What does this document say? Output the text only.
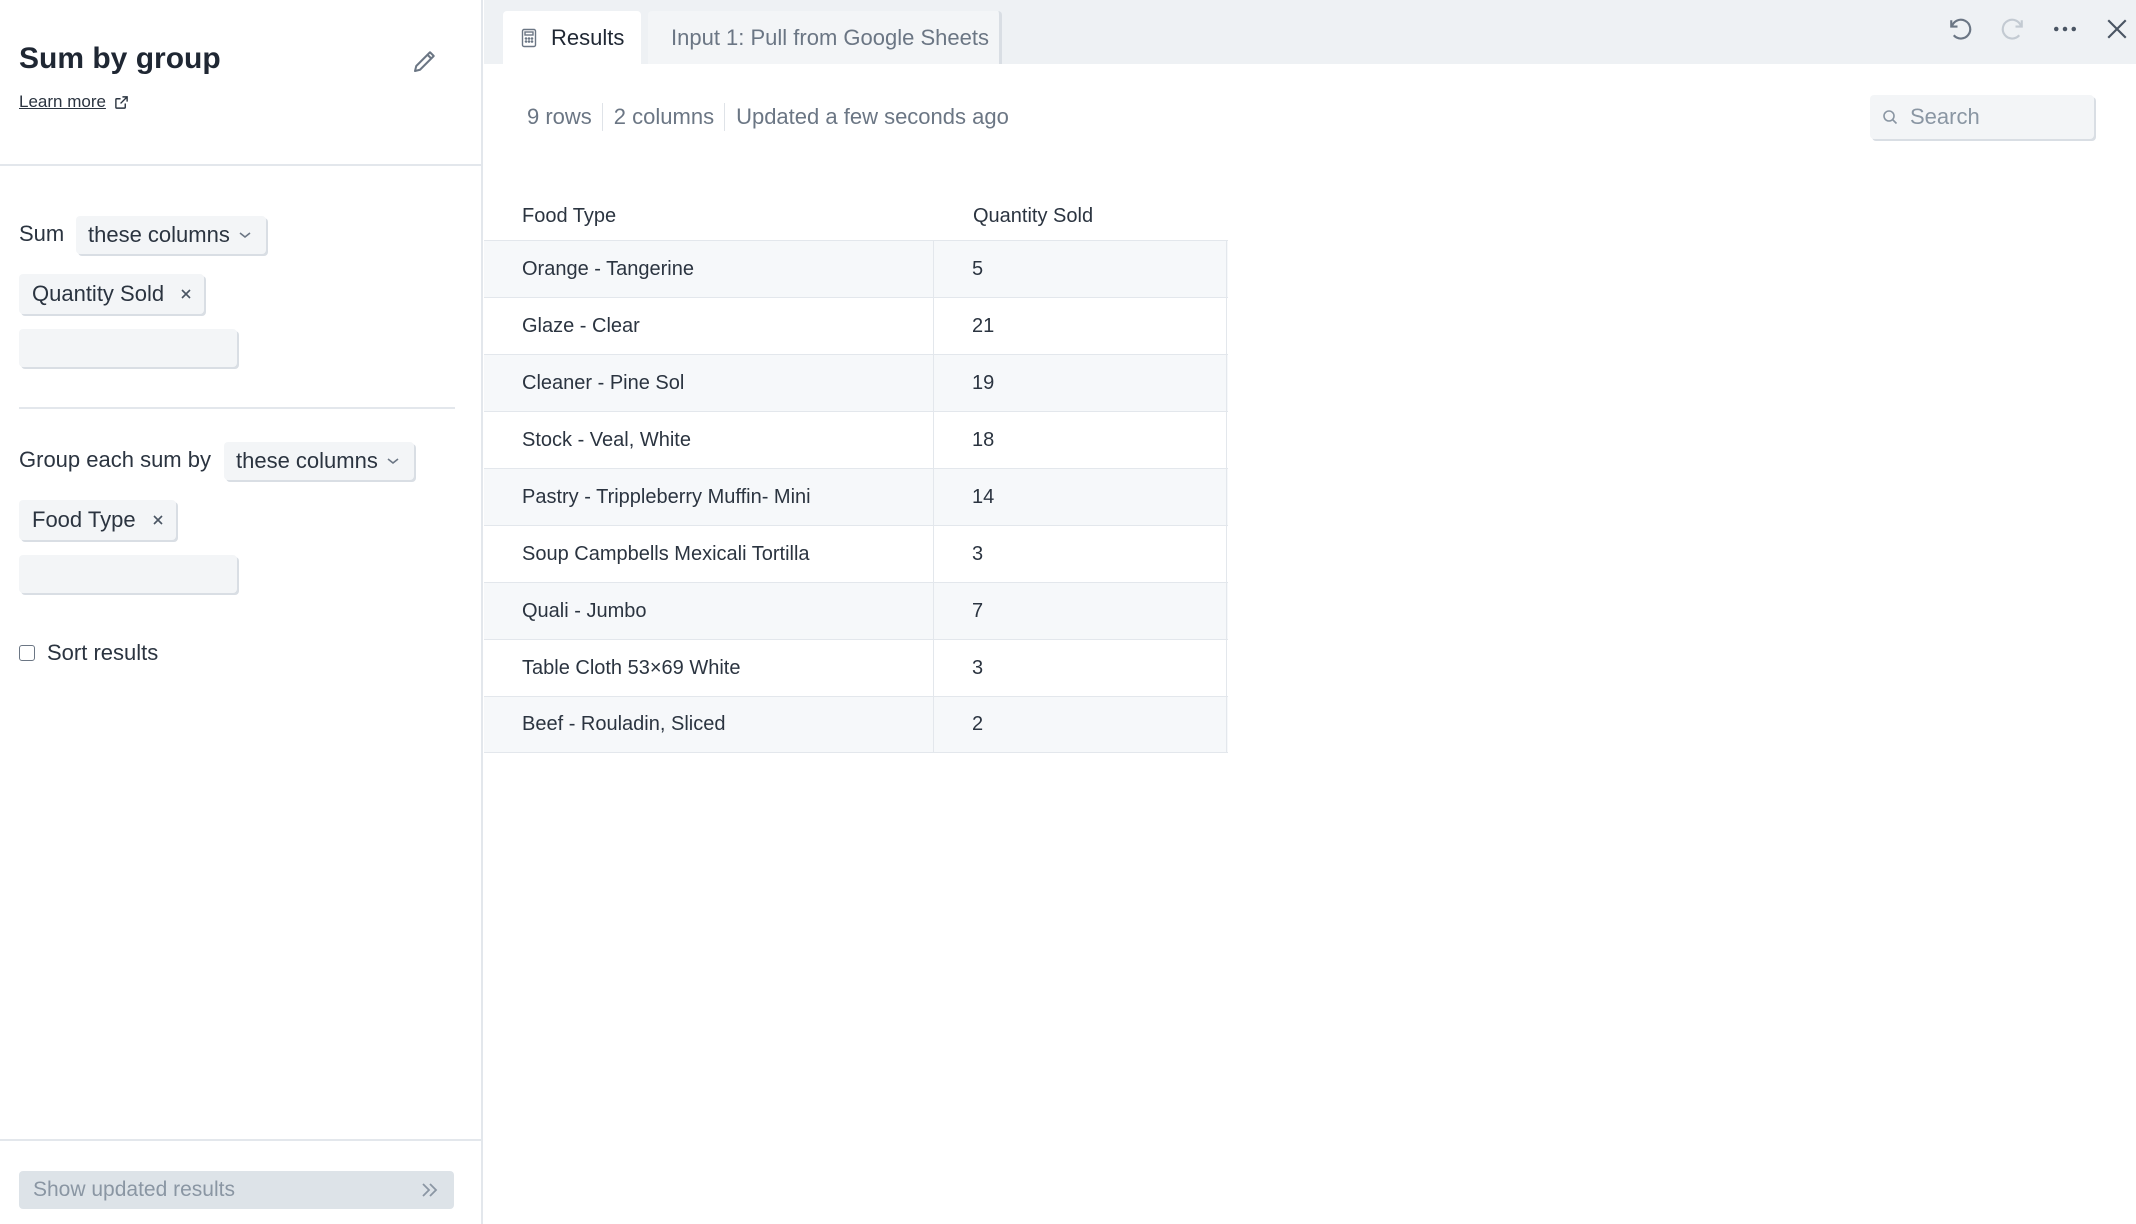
Sum by group
Learn more
Sum these columns
Quantity Sold
Group each sum by these columns
Food Type
Sort results
Show updated results
Results Input 1: Pull from Google Sheets
9 rows	2 columns	Updated a few seconds ago
Search
Food Type	Quantity Sold
Orange - Tangerine	5
Glaze - Clear	21
Cleaner - Pine Sol	19
Stock - Veal, White	18
Pastry - Trippleberry Muffin- Mini	14
Soup Campbells Mexicali Tortilla	3
Quali - Jumbo	7
Table Cloth 53×69 White	3
Beef - Rouladin, Sliced	2
